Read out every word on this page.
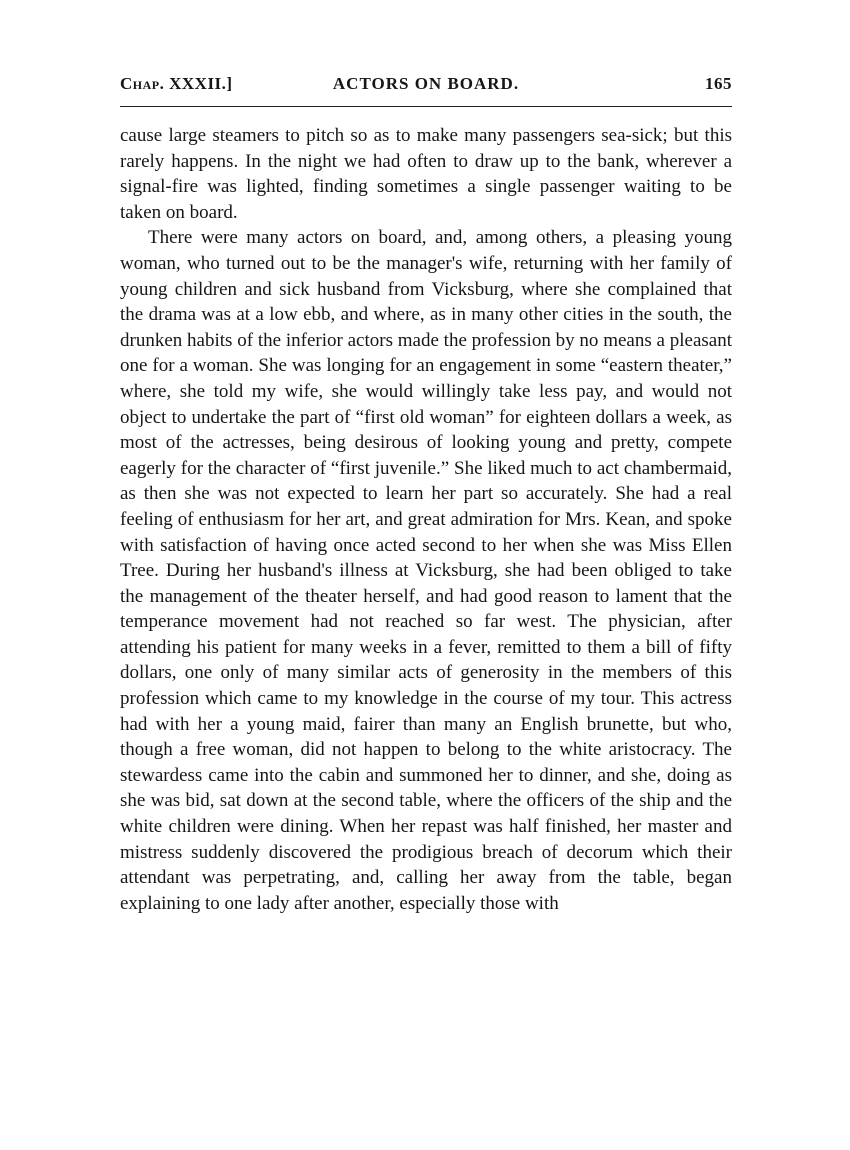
Chap. XXXII.]	ACTORS ON BOARD.	165

cause large steamers to pitch so as to make many passengers sea-sick; but this rarely happens. In the night we had often to draw up to the bank, wherever a signal-fire was lighted, finding sometimes a single passenger waiting to be taken on board.

There were many actors on board, and, among others, a pleasing young woman, who turned out to be the manager's wife, returning with her family of young children and sick husband from Vicksburg, where she complained that the drama was at a low ebb, and where, as in many other cities in the south, the drunken habits of the inferior actors made the profession by no means a pleasant one for a woman. She was longing for an engagement in some “eastern theater,” where, she told my wife, she would willingly take less pay, and would not object to undertake the part of “first old woman” for eighteen dollars a week, as most of the actresses, being desirous of looking young and pretty, compete eagerly for the character of “first juvenile.” She liked much to act chambermaid, as then she was not expected to learn her part so accurately. She had a real feeling of enthusiasm for her art, and great admiration for Mrs. Kean, and spoke with satisfaction of having once acted second to her when she was Miss Ellen Tree. During her husband's illness at Vicksburg, she had been obliged to take the management of the theater herself, and had good reason to lament that the temperance movement had not reached so far west. The physician, after attending his patient for many weeks in a fever, remitted to them a bill of fifty dollars, one only of many similar acts of generosity in the members of this profession which came to my knowledge in the course of my tour. This actress had with her a young maid, fairer than many an English brunette, but who, though a free woman, did not happen to belong to the white aristocracy. The stewardess came into the cabin and summoned her to dinner, and she, doing as she was bid, sat down at the second table, where the officers of the ship and the white children were dining. When her repast was half finished, her master and mistress suddenly discovered the prodigious breach of decorum which their attendant was perpetrating, and, calling her away from the table, began explaining to one lady after another, especially those with
